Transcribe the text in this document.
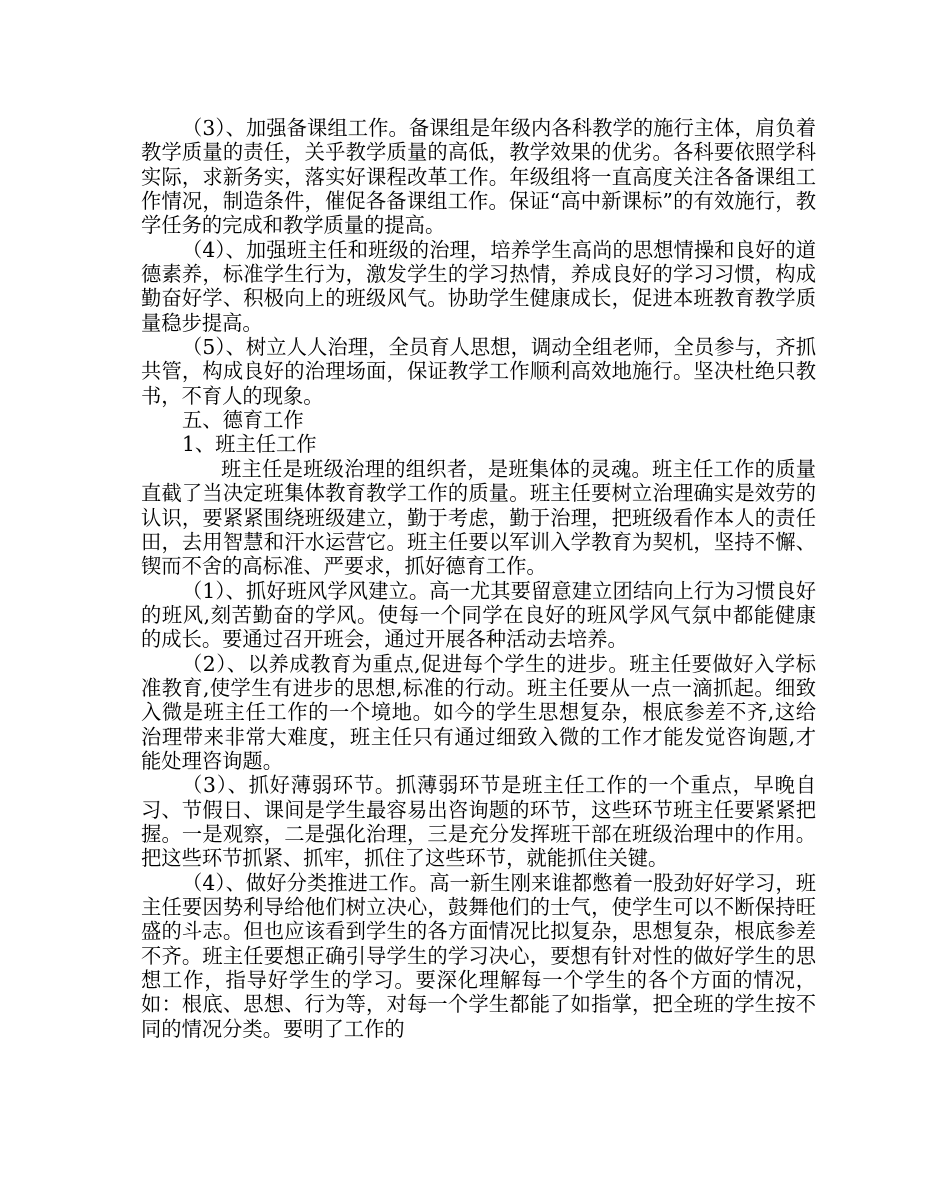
（3）、加强备课组工作。备课组是年级内各科教学的施行主体，肩负着教学质量的责任，关乎教学质量的高低，教学效果的优劣。各科要依照学科实际，求新务实，落实好课程改革工作。年级组将一直高度关注各备课组工作情况，制造条件，催促各备课组工作。保证“高中新课标”的有效施行，教学任务的完成和教学质量的提高。

（4）、加强班主任和班级的治理，培养学生高尚的思想情操和良好的道德素养，标准学生行为，激发学生的学习热情，养成良好的学习习惯，构成勤奋好学、积极向上的班级风气。协助学生健康成长，促进本班教育教学质量稳步提高。

（5）、树立人人治理，全员育人思想，调动全组老师，全员参与，齐抓共管，构成良好的治理场面，保证教学工作顺利高效地施行。坚决杜绝只教书，不育人的现象。

五、德育工作

1、班主任工作

班主任是班级治理的组织者，是班集体的灵魂。班主任工作的质量直截了当决定班集体教育教学工作的质量。班主任要树立治理确实是效劳的认识，要紧紧围绕班级建立，勤于考虑，勤于治理，把班级看作本人的责任田，去用智慧和汗水运营它。班主任要以军训入学教育为契机，坚持不懈、锲而不舍的高标准、严要求，抓好德育工作。

（1）、抓好班风学风建立。高一尤其要留意建立团结向上行为习惯良好的班风,刻苦勤奋的学风。使每一个同学在良好的班风学风气氛中都能健康的成长。要通过召开班会，通过开展各种活动去培养。

（2）、以养成教育为重点,促进每个学生的进步。班主任要做好入学标准教育,使学生有进步的思想,标准的行动。班主任要从一点一滴抓起。细致入微是班主任工作的一个境地。如今的学生思想复杂，根底参差不齐,这给治理带来非常大难度，班主任只有通过细致入微的工作才能发觉咨询题,才能处理咨询题。

（3）、抓好薄弱环节。抓薄弱环节是班主任工作的一个重点，早晚自习、节假日、课间是学生最容易出咨询题的环节，这些环节班主任要紧紧把握。一是观察，二是强化治理，三是充分发挥班干部在班级治理中的作用。把这些环节抓紧、抓牢，抓住了这些环节，就能抓住关键。

（4）、做好分类推进工作。高一新生刚来谁都憋着一股劲好好学习，班主任要因势利导给他们树立决心，鼓舞他们的士气，使学生可以不断保持旺盛的斗志。但也应该看到学生的各方面情况比拟复杂，思想复杂，根底参差不齐。班主任要想正确引导学生的学习决心，要想有针对性的做好学生的思想工作，指导好学生的学习。要深化理解每一个学生的各个方面的情况，如：根底、思想、行为等，对每一个学生都能了如指掌，把全班的学生按不同的情况分类。要明了工作的
